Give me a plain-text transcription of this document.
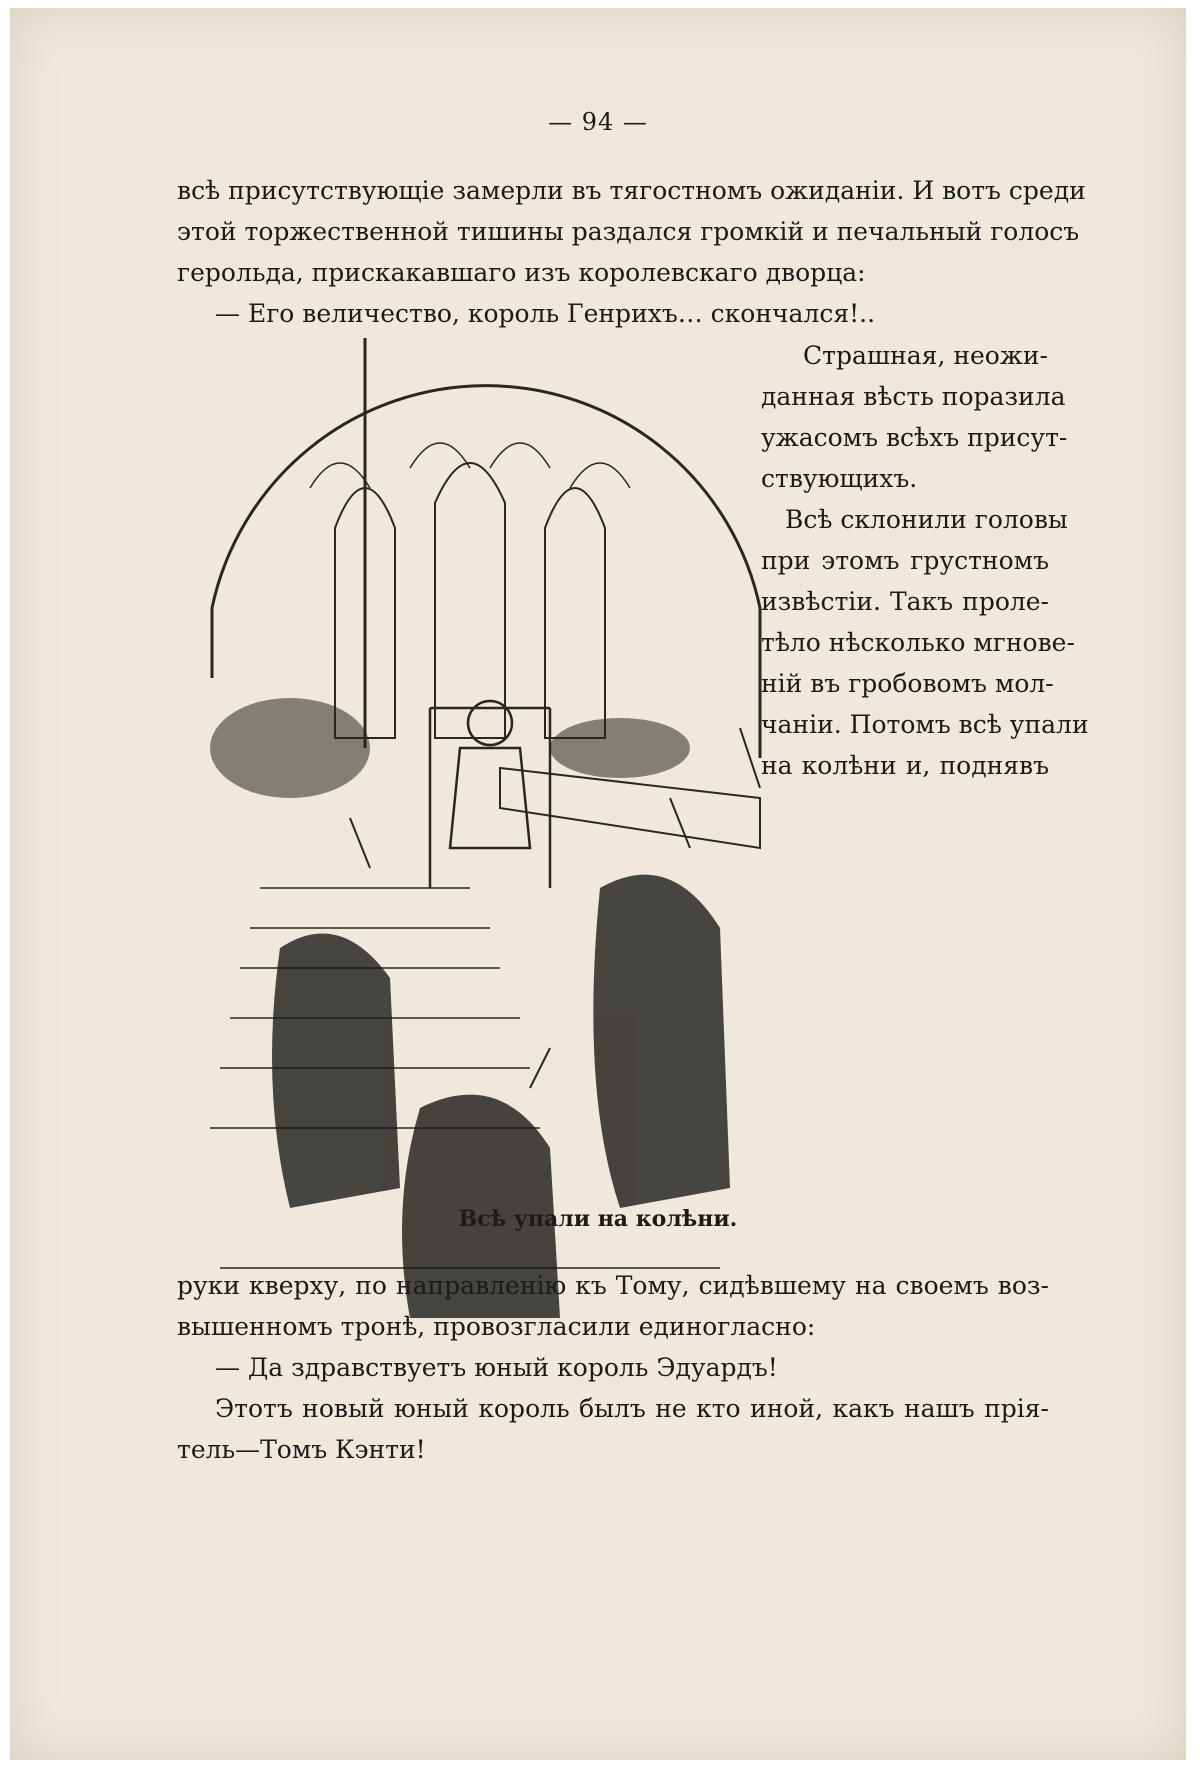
— 94 —
всѣ присутствующіе замерли въ тягостномъ ожиданіи. И вотъ среди
этой торжественной тишины раздался громкій и печальный голосъ
герольда, прискакавшаго изъ королевскаго дворца:
— Его величество, король Генрихъ… скончался!..
Страшная, неожи-
данная вѣсть поразила
ужасомъ всѣхъ присут-
ствующихъ.
Всѣ склонили головы
при этомъ грустномъ
извѣстіи. Такъ проле-
тѣло нѣсколько мгнове-
ній въ гробовомъ мол-
чаніи. Потомъ всѣ упали
на колѣни и, поднявъ
Всѣ упали на колѣни.
руки кверху, по направленію къ Тому, сидѣвшему на своемъ воз-
вышенномъ тронѣ, провозгласили единогласно:
— Да здравствуетъ юный король Эдуардъ!
Этотъ новый юный король былъ не кто иной, какъ нашъ прія-
тель—Томъ Кэнти!
